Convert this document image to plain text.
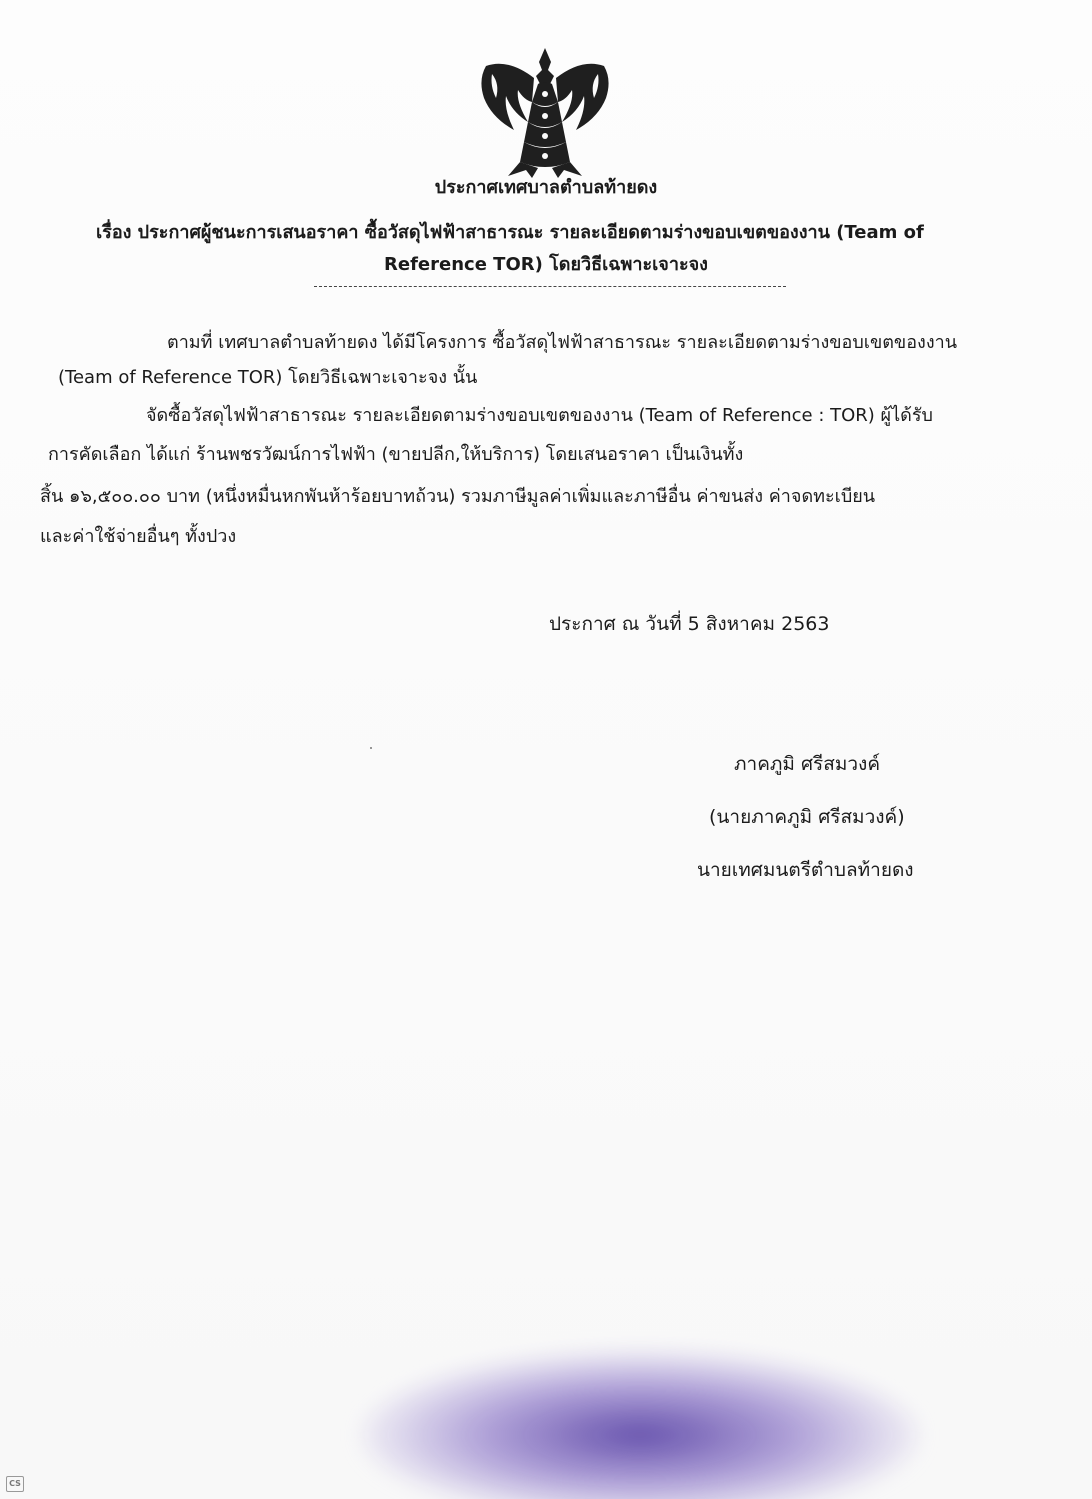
ประกาศเทศบาลตำบลท้ายดง
เรื่อง ประกาศผู้ชนะการเสนอราคา ซื้อวัสดุไฟฟ้าสาธารณะ รายละเอียดตามร่างขอบเขตของงาน (Team of
Reference TOR) โดยวิธีเฉพาะเจาะจง
ตามที่ เทศบาลตำบลท้ายดง ได้มีโครงการ ซื้อวัสดุไฟฟ้าสาธารณะ รายละเอียดตามร่างขอบเขตของงาน
(Team of Reference TOR) โดยวิธีเฉพาะเจาะจง นั้น
จัดซื้อวัสดุไฟฟ้าสาธารณะ รายละเอียดตามร่างขอบเขตของงาน (Team of Reference : TOR) ผู้ได้รับ
การคัดเลือก ได้แก่ ร้านพชรวัฒน์การไฟฟ้า (ขายปลีก,ให้บริการ) โดยเสนอราคา เป็นเงินทั้ง
สิ้น ๑๖,๕๐๐.๐๐ บาท (หนึ่งหมื่นหกพันห้าร้อยบาทถ้วน) รวมภาษีมูลค่าเพิ่มและภาษีอื่น ค่าขนส่ง ค่าจดทะเบียน
และค่าใช้จ่ายอื่นๆ ทั้งปวง
ประกาศ ณ วันที่ 5 สิงหาคม 2563
ภาคภูมิ ศรีสมวงค์
(นายภาคภูมิ ศรีสมวงค์)
นายเทศมนตรีตำบลท้ายดง
CS
